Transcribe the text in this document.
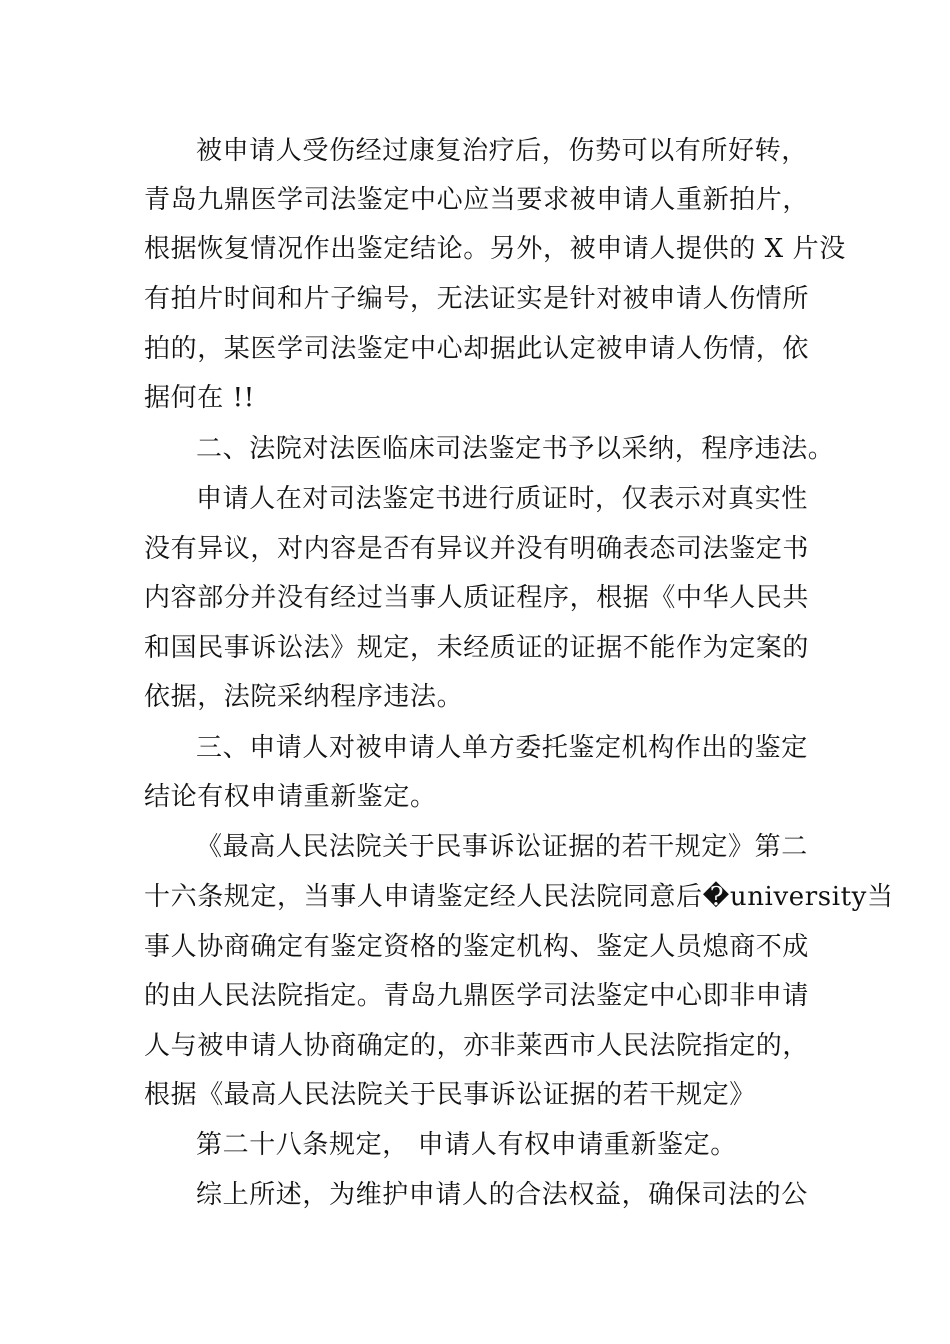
被申请人受伤经过康复治疗后，伤势可以有所好转，

青岛九鼎医学司法鉴定中心应当要求被申请人重新拍片，

根据恢复情况作出鉴定结论。另外，被申请人提供的 X 片没

有拍片时间和片子编号，无法证实是针对被申请人伤情所

拍的，某医学司法鉴定中心却据此认定被申请人伤情，依

据何在 !!

二、法院对法医临床司法鉴定书予以采纳，程序违法。

申请人在对司法鉴定书进行质证时，仅表示对真实性

没有异议，对内容是否有异议并没有明确表态司法鉴定书

内容部分并没有经过当事人质证程序，根据《中华人民共

和国民事诉讼法》规定，未经质证的证据不能作为定案的

依据，法院采纳程序违法。

三、申请人对被申请人单方委托鉴定机构作出的鉴定

结论有权申请重新鉴定。

《最高人民法院关于民事诉讼证据的若干规定》第二

十六条规定，当事人申请鉴定经人民法院同意后�university当

事人协商确定有鉴定资格的鉴定机构、鉴定人员熄商不成

的由人民法院指定。青岛九鼎医学司法鉴定中心即非申请

人与被申请人协商确定的，亦非莱西市人民法院指定的，

根据《最高人民法院关于民事诉讼证据的若干规定》

第二十八条规定， 申请人有权申请重新鉴定。

综上所述，为维护申请人的合法权益，确保司法的公
